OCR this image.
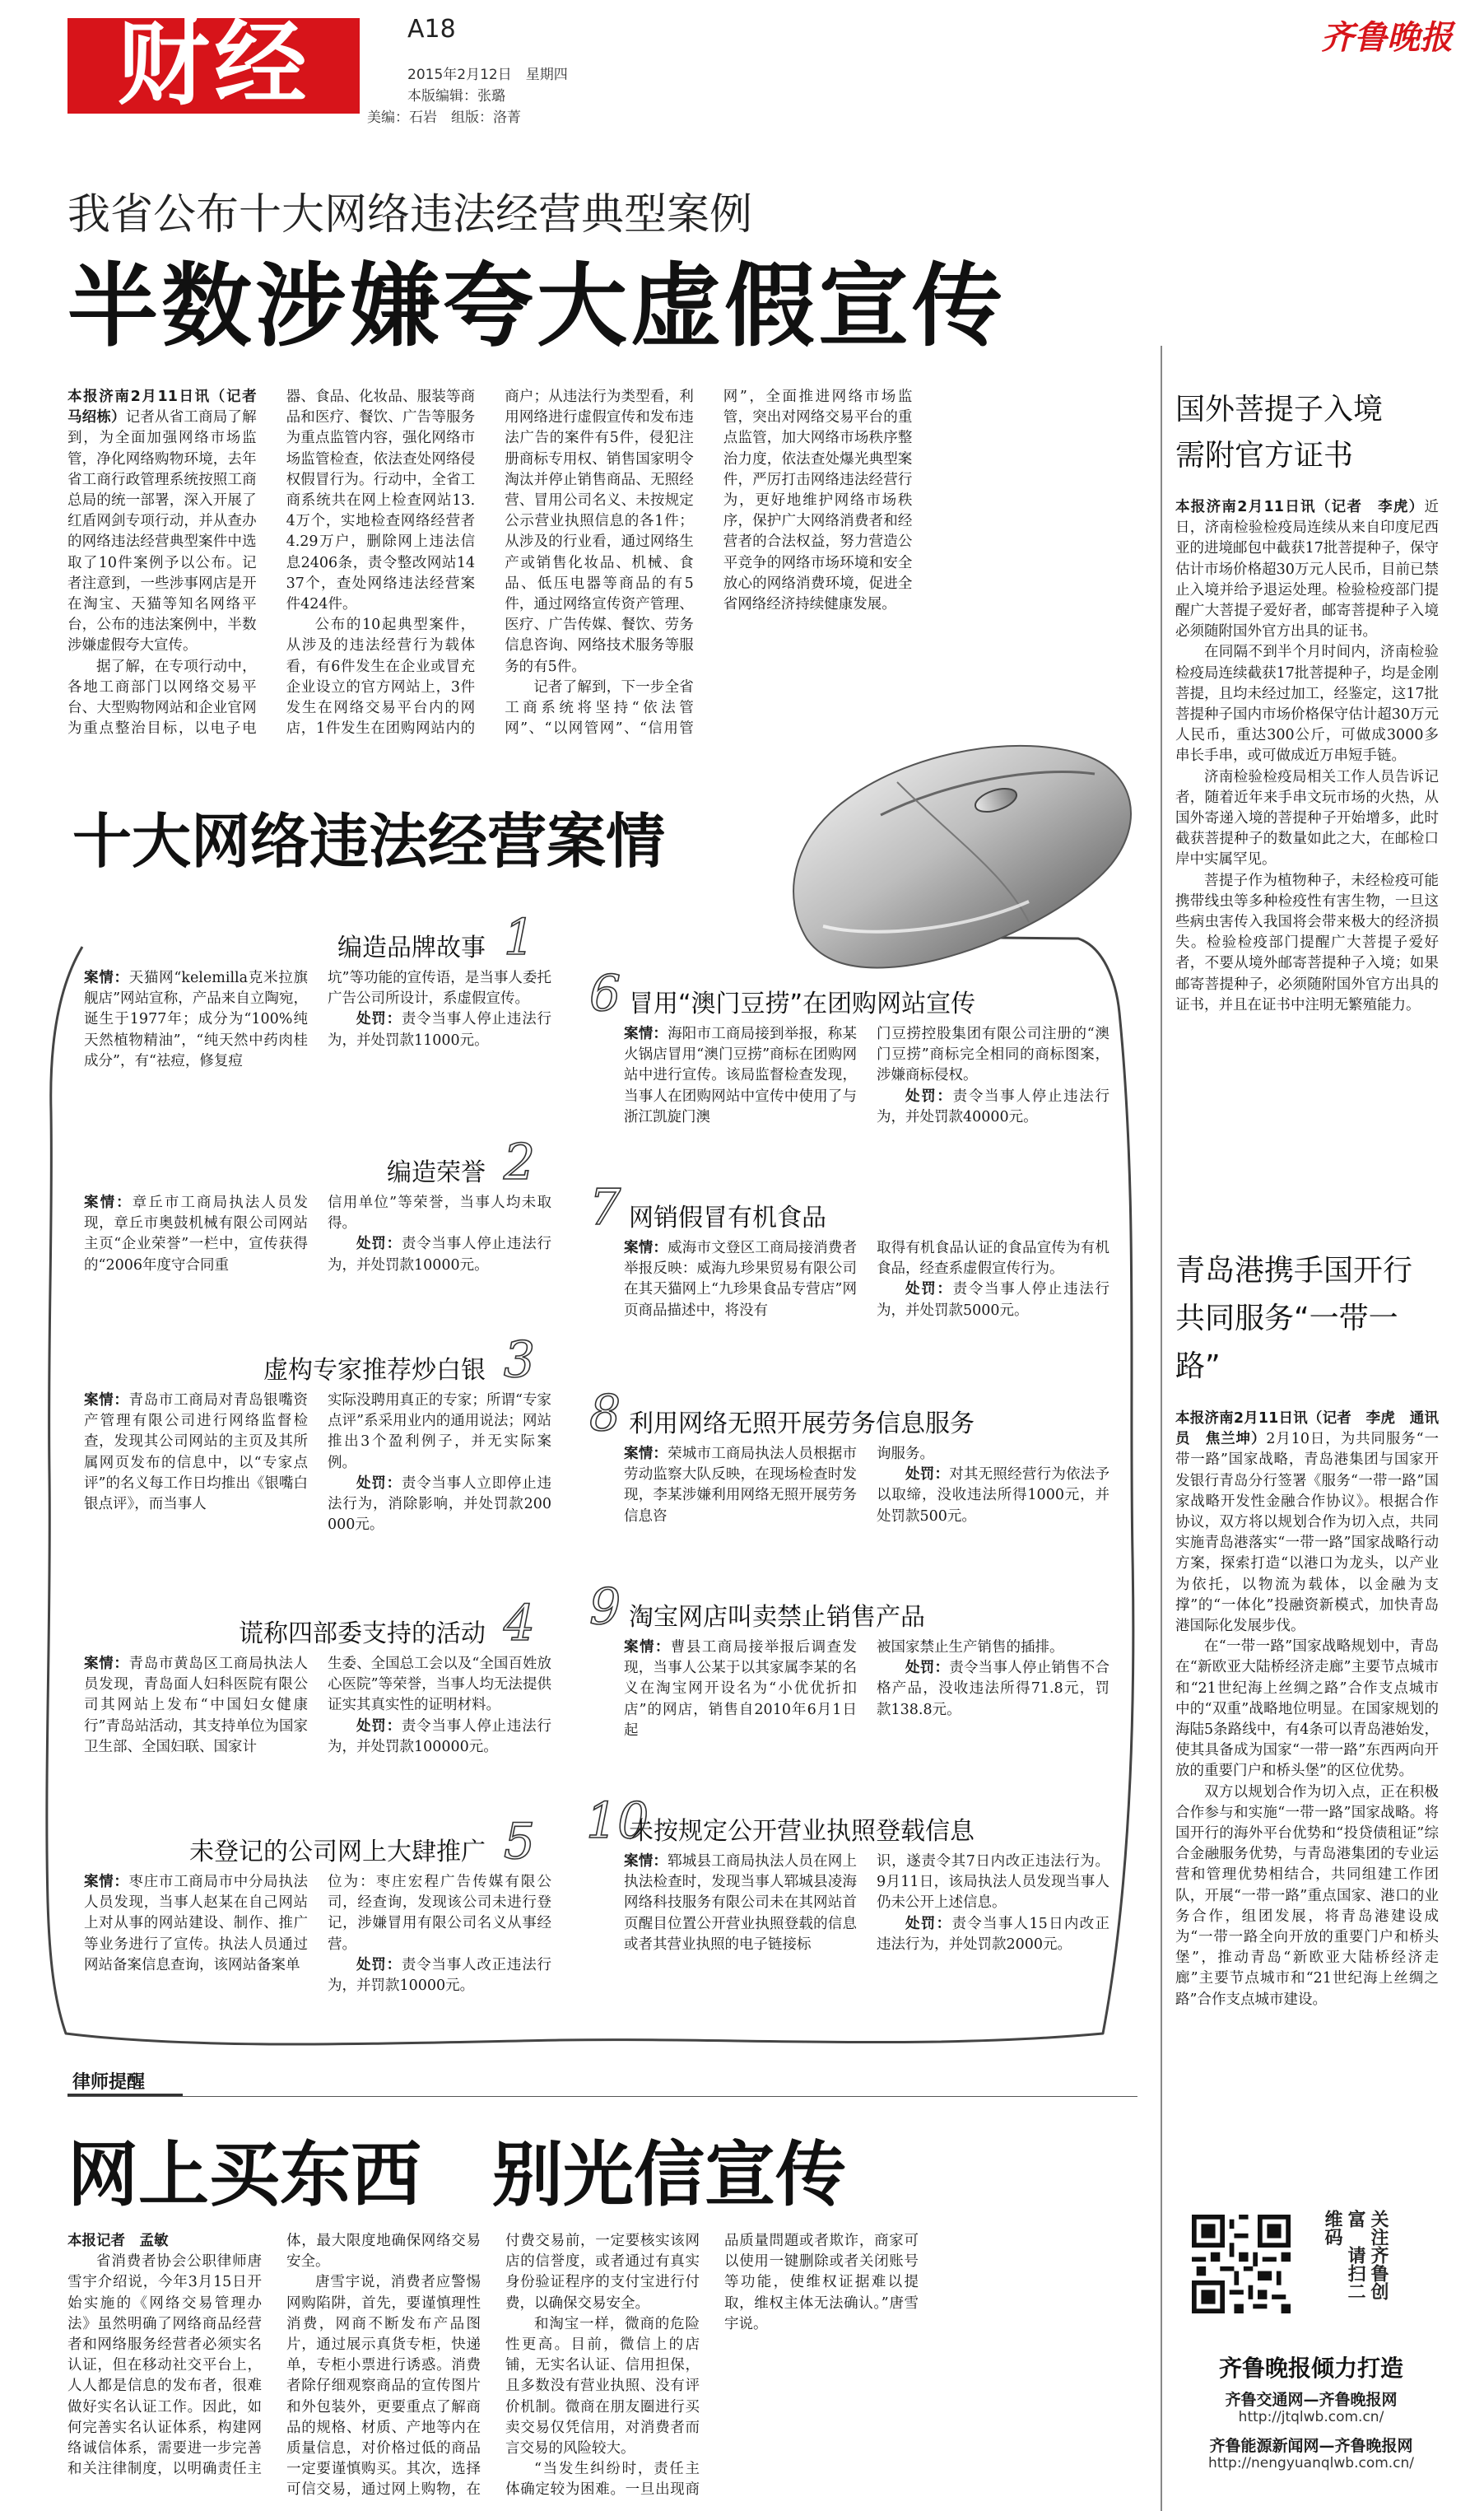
财经	A18
2015年2月12日　星期四
本版编辑：张璐
美编：石岩　组版：洛菁
齐鲁晚报
我省公布十大网络违法经营典型案例
半数涉嫌夸大虚假宣传

本报济南2月11日讯（记者　马绍栋）记者从省工商局了解到，为全面加强网络市场监管，净化网络购物环境，去年省工商行政管理系统按照工商总局的统一部署，深入开展了红盾网剑专项行动，并从查办的网络违法经营典型案件中选取了10件案例予以公布。记者注意到，一些涉事网店是开在淘宝、天猫等知名网络平台，公布的违法案例中，半数涉嫌虚假夸大宣传。

据了解，在专项行动中，各地工商部门以网络交易平台、大型购物网站和企业官网为重点整治目标，以电子电器、食品、化妆品、服装等商品和医疗、餐饮、广告等服务为重点监管内容，强化网络市场监管检查，依法查处网络侵权假冒行为。行动中，全省工商系统共在网上检查网站13.4万个，实地检查网络经营者4.29万户，删除网上违法信息2406条，责令整改网站1437个，查处网络违法经营案件424件。

公布的10起典型案件，从涉及的违法经营行为载体看，有6件发生在企业或冒充企业设立的官方网站上，3件发生在网络交易平台内的网店，1件发生在团购网站内的商户；从违法行为类型看，利用网络进行虚假宣传和发布违法广告的案件有5件，侵犯注册商标专用权、销售国家明令淘汰并停止销售商品、无照经营、冒用公司名义、未按规定公示营业执照信息的各1件；从涉及的行业看，通过网络生产或销售化妆品、机械、食品、低压电器等商品的有5件，通过网络宣传资产管理、医疗、广告传媒、餐饮、劳务信息咨询、网络技术服务等服务的有5件。

记者了解到，下一步全省工商系统将坚持“依法管网”、“以网管网”、“信用管网”，全面推进网络市场监管，突出对网络交易平台的重点监管，加大网络市场秩序整治力度，依法查处爆光典型案件，严厉打击网络违法经营行为，更好地维护网络市场秩序，保护广大网络消费者和经营者的合法权益，努力营造公平竞争的网络市场环境和安全放心的网络消费环境，促进全省网络经济持续健康发展。

十大网络违法经营案情
编造品牌故事 1

案情：天猫网“kelemilla克米拉旗舰店”网站宣称，产品来自立陶宛，诞生于1977年；成分为“100%纯天然植物精油”，“纯天然中药肉桂成分”，有“祛痘，修复痘

坑”等功能的宣传语，是当事人委托广告公司所设计，系虚假宣传。

处罚：责令当事人停止违法行为，并处罚款11000元。

编造荣誉 2

案情：章丘市工商局执法人员发现，章丘市奥鼓机械有限公司网站主页“企业荣誉”一栏中，宣传获得的“2006年度守合同重

信用单位”等荣誉，当事人均未取得。

处罚：责令当事人停止违法行为，并处罚款10000元。

虚构专家推荐炒白银 3

案情：青岛市工商局对青岛银嘴资产管理有限公司进行网络监督检查，发现其公司网站的主页及其所属网页发布的信息中，以“专家点评”的名义每工作日均推出《银嘴白银点评》，而当事人

实际没聘用真正的专家；所谓“专家点评”系采用业内的通用说法；网站推出3个盈利例子，并无实际案例。

处罚：责令当事人立即停止违法行为，消除影响，并处罚款200000元。

谎称四部委支持的活动 4

案情：青岛市黄岛区工商局执法人员发现，青岛面人妇科医院有限公司其网站上发布“中国妇女健康行”青岛站活动，其支持单位为国家卫生部、全国妇联、国家计

生委、全国总工会以及“全国百姓放心医院”等荣誉，当事人均无法提供证实其真实性的证明材料。

处罚：责令当事人停止违法行为，并处罚款100000元。

未登记的公司网上大肆推广 5

案情：枣庄市工商局市中分局执法人员发现，当事人赵某在自己网站上对从事的网站建设、制作、推广等业务进行了宣传。执法人员通过网站备案信息查询，该网站备案单

位为：枣庄宏程广告传媒有限公司，经查询，发现该公司未进行登记，涉嫌冒用有限公司名义从事经营。

处罚：责令当事人改正违法行为，并罚款10000元。

6 冒用“澳门豆捞”在团购网站宣传

案情：海阳市工商局接到举报，称某火锅店冒用“澳门豆捞”商标在团购网站中进行宣传。该局监督检查发现，当事人在团购网站中宣传中使用了与浙江凯旋门澳

门豆捞控股集团有限公司注册的“澳门豆捞”商标完全相同的商标图案，涉嫌商标侵权。

处罚：责令当事人停止违法行为，并处罚款40000元。

7 网销假冒有机食品

案情：威海市文登区工商局接消费者举报反映：威海九珍果贸易有限公司在其天猫网上“九珍果食品专营店”网页商品描述中，将没有

取得有机食品认证的食品宣传为有机食品，经查系虚假宣传行为。

处罚：责令当事人停止违法行为，并处罚款5000元。

8 利用网络无照开展劳务信息服务

案情：荣城市工商局执法人员根据市劳动监察大队反映，在现场检查时发现，李某涉嫌利用网络无照开展劳务信息咨

询服务。

处罚：对其无照经营行为依法予以取缔，没收违法所得1000元，并处罚款500元。

9 淘宝网店叫卖禁止销售产品

案情：曹县工商局接举报后调查发现，当事人公某于以其家属李某的名义在淘宝网开设名为“小优优折扣店”的网店，销售自2010年6月1日起

被国家禁止生产销售的插排。

处罚：责令当事人停止销售不合格产品，没收违法所得71.8元，罚款138.8元。

10
未按规定公开营业执照登载信息

案情：郓城县工商局执法人员在网上执法检查时，发现当事人郓城县凌海网络科技服务有限公司未在其网站首页醒目位置公开营业执照登载的信息或者其营业执照的电子链接标

识，遂责令其7日内改正违法行为。9月11日，该局执法人员发现当事人仍未公开上述信息。

处罚：责令当事人15日内改正违法行为，并处罚款2000元。

国外菩提子入境
需附官方证书

本报济南2月11日讯（记者　李虎）近日，济南检验检疫局连续从来自印度尼西亚的进境邮包中截获17批菩提种子，保守估计市场价格超30万元人民币，目前已禁止入境并给予退运处理。检验检疫部门提醒广大菩提子爱好者，邮寄菩提种子入境必须随附国外官方出具的证书。

在同隔不到半个月时间内，济南检验检疫局连续截获17批菩提种子，均是金刚菩提，且均未经过加工，经鉴定，这17批菩提种子国内市场价格保守估计超30万元人民币，重达300公斤，可做成3000多串长手串，或可做成近万串短手链。

济南检验检疫局相关工作人员告诉记者，随着近年来手串文玩市场的火热，从国外寄递入境的菩提种子开始增多，此时截获菩提种子的数量如此之大，在邮检口岸中实属罕见。

菩提子作为植物种子，未经检疫可能携带线虫等多种检疫性有害生物，一旦这些病虫害传入我国将会带来极大的经济损失。检验检疫部门提醒广大菩提子爱好者，不要从境外邮寄菩提种子入境；如果邮寄菩提种子，必须随附国外官方出具的证书，并且在证书中注明无繁殖能力。

青岛港携手国开行
共同服务“一带一路”

本报济南2月11日讯（记者　李虎　通讯员　焦兰坤）2月10日，为共同服务“一带一路”国家战略，青岛港集团与国家开发银行青岛分行签署《服务“一带一路”国家战略开发性金融合作协议》。根据合作协议，双方将以规划合作为切入点，共同实施青岛港落实“一带一路”国家战略行动方案，探索打造“以港口为龙头，以产业为依托，以物流为载体，以金融为支撑”的“一体化”投融资新模式，加快青岛港国际化发展步伐。

在“一带一路”国家战略规划中，青岛在“新欧亚大陆桥经济走廊”主要节点城市和“21世纪海上丝绸之路”合作支点城市中的“双重”战略地位明显。在国家规划的海陆5条路线中，有4条可以青岛港始发，使其具备成为国家“一带一路”东西两向开放的重要门户和桥头堡”的区位优势。

双方以规划合作为切入点，正在积极合作参与和实施“一带一路”国家战略。将国开行的海外平台优势和“投贷债租证”综合金融服务优势，与青岛港集团的专业运营和管理优势相结合，共同组建工作团队，开展“一带一路”重点国家、港口的业务合作，组团发展，将青岛港建设成为“一带一路全向开放的重要门户和桥头堡”，推动青岛“新欧亚大陆桥经济走廊”主要节点城市和“21世纪海上丝绸之路”合作支点城市建设。

律师提醒
网上买东西　别光信宣传

本报记者　孟敏

省消费者协会公职律师唐雪宇介绍说，今年3月15日开始实施的《网络交易管理办法》虽然明确了网络商品经营者和网络服务经营者必须实名认证，但在移动社交平台上，人人都是信息的发布者，很难做好实名认证工作。因此，如何完善实名认证体系，构建网络诚信体系，需要进一步完善和关注律制度，以明确责任主体，最大限度地确保网络交易安全。

唐雪宇说，消费者应警惕网购陷阱，首先，要谨慎理性消费，网商不断发布产品图片，通过展示真货专柜，快递单，专柜小票进行诱惑。消费者除仔细观察商品的宣传图片和外包装外，更要重点了解商品的规格、材质、产地等内在质量信息，对价格过低的商品一定要谨慎购买。其次，选择可信交易，通过网上购物，在付费交易前，一定要核实该网店的信誉度，或者通过有真实身份验证程序的支付宝进行付费，以确保交易安全。

和淘宝一样，微商的危险性更高。目前，微信上的店铺，无实名认证、信用担保，且多数没有营业执照、没有评价机制。微商在朋友圈进行买卖交易仅凭信用，对消费者而言交易的风险较大。

“当发生纠纷时，责任主体确定较为困难。一旦出现商品质量問題或者欺诈，商家可以使用一键删除或者关闭账号等功能，使维权证据难以提取，维权主体无法确认。”唐雪宇说。

关注齐鲁创富　请扫二维码
齐鲁晚报倾力打造
齐鲁交通网—齐鲁晚报网
http://jtqlwb.com.cn/
齐鲁能源新闻网—齐鲁晚报网
http://nengyuanqlwb.com.cn/
